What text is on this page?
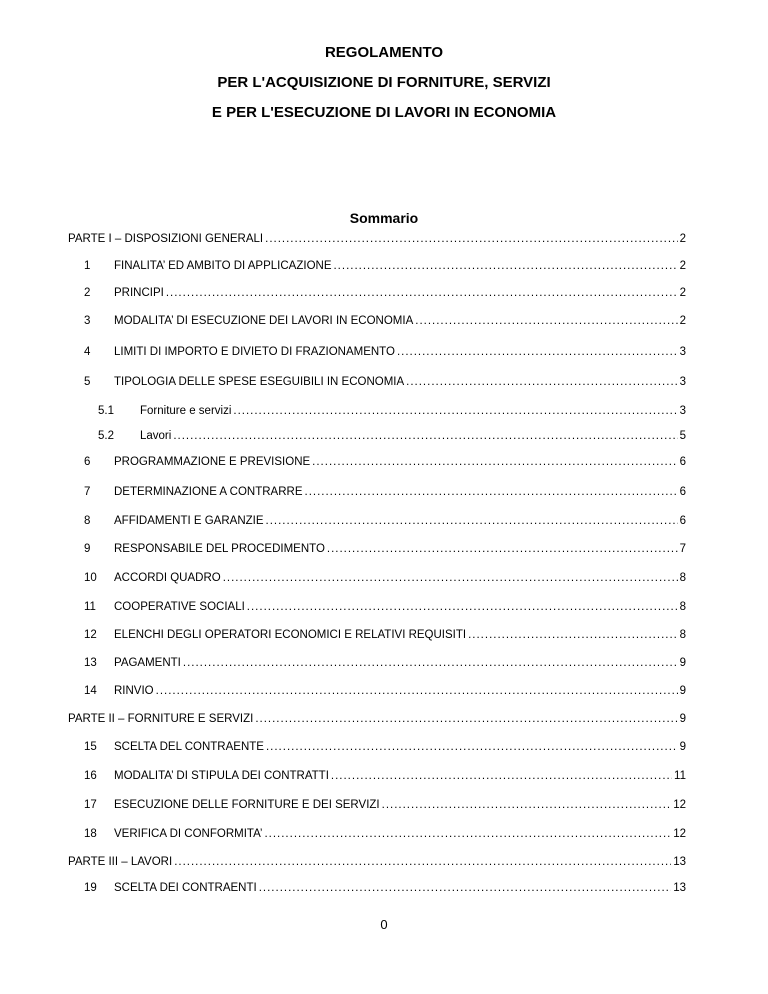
REGOLAMENTO
PER L'ACQUISIZIONE DI FORNITURE, SERVIZI
E PER L'ESECUZIONE DI LAVORI IN ECONOMIA
Sommario
PARTE I – DISPOSIZIONI GENERALI .....	2
1	FINALITA’ ED AMBITO DI APPLICAZIONE .....	2
2	PRINCIPI .....	2
3	MODALITA’ DI ESECUZIONE DEI LAVORI IN ECONOMIA .....	2
4	LIMITI DI IMPORTO E DIVIETO DI FRAZIONAMENTO .....	3
5	TIPOLOGIA DELLE SPESE ESEGUIBILI IN ECONOMIA .....	3
5.1	Forniture e servizi .....	3
5.2	Lavori .....	5
6	PROGRAMMAZIONE E PREVISIONE .....	6
7	DETERMINAZIONE A CONTRARRE .....	6
8	AFFIDAMENTI E GARANZIE .....	6
9	RESPONSABILE DEL PROCEDIMENTO .....	7
10	ACCORDI QUADRO .....	8
11	COOPERATIVE SOCIALI .....	8
12	ELENCHI DEGLI OPERATORI ECONOMICI E RELATIVI REQUISITI .....	8
13	PAGAMENTI .....	9
14	RINVIO .....	9
PARTE II – FORNITURE E SERVIZI .....	9
15	SCELTA DEL CONTRAENTE .....	9
16	MODALITA’ DI STIPULA DEI CONTRATTI .....	11
17	ESECUZIONE DELLE FORNITURE E DEI SERVIZI .....	12
18	VERIFICA DI CONFORMITA’ .....	12
PARTE III – LAVORI .....	13
19	SCELTA DEI CONTRAENTI .....	13
0
